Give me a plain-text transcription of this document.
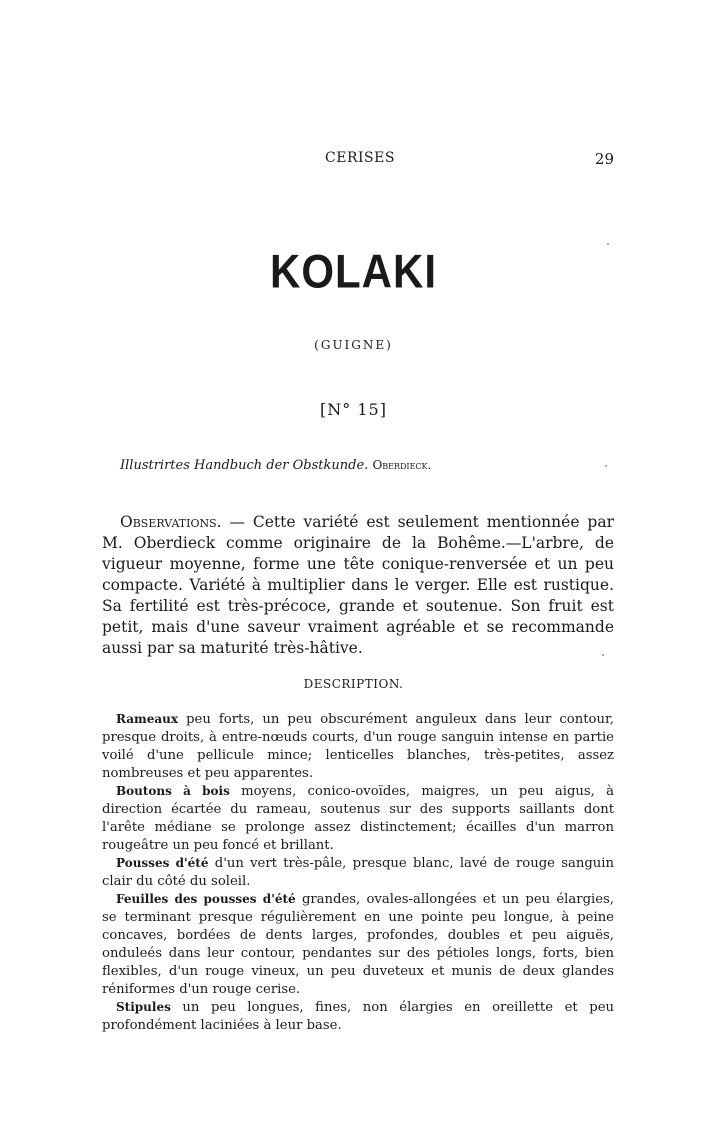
CERISES	29
KOLAKI
(GUIGNE)
[N° 15]
Illustrirtes Handbuch der Obstkunde. Oberdieck.

Observations. — Cette variété est seulement mentionnée par M. Oberdieck comme originaire de la Bohême.—L'arbre, de vigueur moyenne, forme une tête conique-renversée et un peu compacte. Variété à multiplier dans le verger. Elle est rustique. Sa fertilité est très-précoce, grande et soutenue. Son fruit est petit, mais d'une saveur vraiment agréable et se recommande aussi par sa maturité très-hâtive.

DESCRIPTION.

Rameaux peu forts, un peu obscurément anguleux dans leur contour, presque droits, à entre-nœuds courts, d'un rouge sanguin intense en partie voilé d'une pellicule mince; lenticelles blanches, très-petites, assez nombreuses et peu apparentes.

Boutons à bois moyens, conico-ovoïdes, maigres, un peu aigus, à direction écartée du rameau, soutenus sur des supports saillants dont l'arête médiane se prolonge assez distinctement; écailles d'un marron rougeâtre un peu foncé et brillant.

Pousses d'été d'un vert très-pâle, presque blanc, lavé de rouge sanguin clair du côté du soleil.

Feuilles des pousses d'été grandes, ovales-allongées et un peu élargies, se terminant presque régulièrement en une pointe peu longue, à peine concaves, bordées de dents larges, profondes, doubles et peu aiguës, onduleés dans leur contour, pendantes sur des pétioles longs, forts, bien flexibles, d'un rouge vineux, un peu duveteux et munis de deux glandes réniformes d'un rouge cerise.

Stipules un peu longues, fines, non élargies en oreillette et peu profondément laciniées à leur base.
